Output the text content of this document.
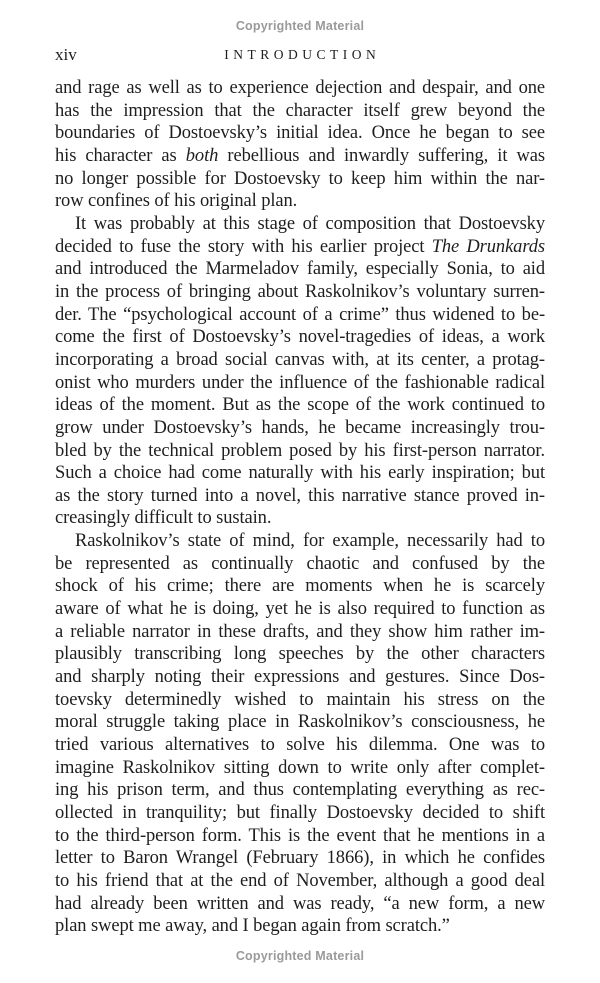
Copyrighted Material
xiv	INTRODUCTION
and rage as well as to experience dejection and despair, and one
has the impression that the character itself grew beyond the
boundaries of Dostoevsky’s initial idea. Once he began to see
his character as both rebellious and inwardly suffering, it was
no longer possible for Dostoevsky to keep him within the nar-
row confines of his original plan.
It was probably at this stage of composition that Dostoevsky
decided to fuse the story with his earlier project The Drunkards
and introduced the Marmeladov family, especially Sonia, to aid
in the process of bringing about Raskolnikov’s voluntary surren-
der. The “psychological account of a crime” thus widened to be-
come the first of Dostoevsky’s novel-tragedies of ideas, a work
incorporating a broad social canvas with, at its center, a protag-
onist who murders under the influence of the fashionable radical
ideas of the moment. But as the scope of the work continued to
grow under Dostoevsky’s hands, he became increasingly trou-
bled by the technical problem posed by his first-person narrator.
Such a choice had come naturally with his early inspiration; but
as the story turned into a novel, this narrative stance proved in-
creasingly difficult to sustain.
Raskolnikov’s state of mind, for example, necessarily had to
be represented as continually chaotic and confused by the
shock of his crime; there are moments when he is scarcely
aware of what he is doing, yet he is also required to function as
a reliable narrator in these drafts, and they show him rather im-
plausibly transcribing long speeches by the other characters
and sharply noting their expressions and gestures. Since Dos-
toevsky determinedly wished to maintain his stress on the
moral struggle taking place in Raskolnikov’s consciousness, he
tried various alternatives to solve his dilemma. One was to
imagine Raskolnikov sitting down to write only after complet-
ing his prison term, and thus contemplating everything as rec-
ollected in tranquility; but finally Dostoevsky decided to shift
to the third-person form. This is the event that he mentions in a
letter to Baron Wrangel (February 1866), in which he confides
to his friend that at the end of November, although a good deal
had already been written and was ready, “a new form, a new
plan swept me away, and I began again from scratch.”
Copyrighted Material
